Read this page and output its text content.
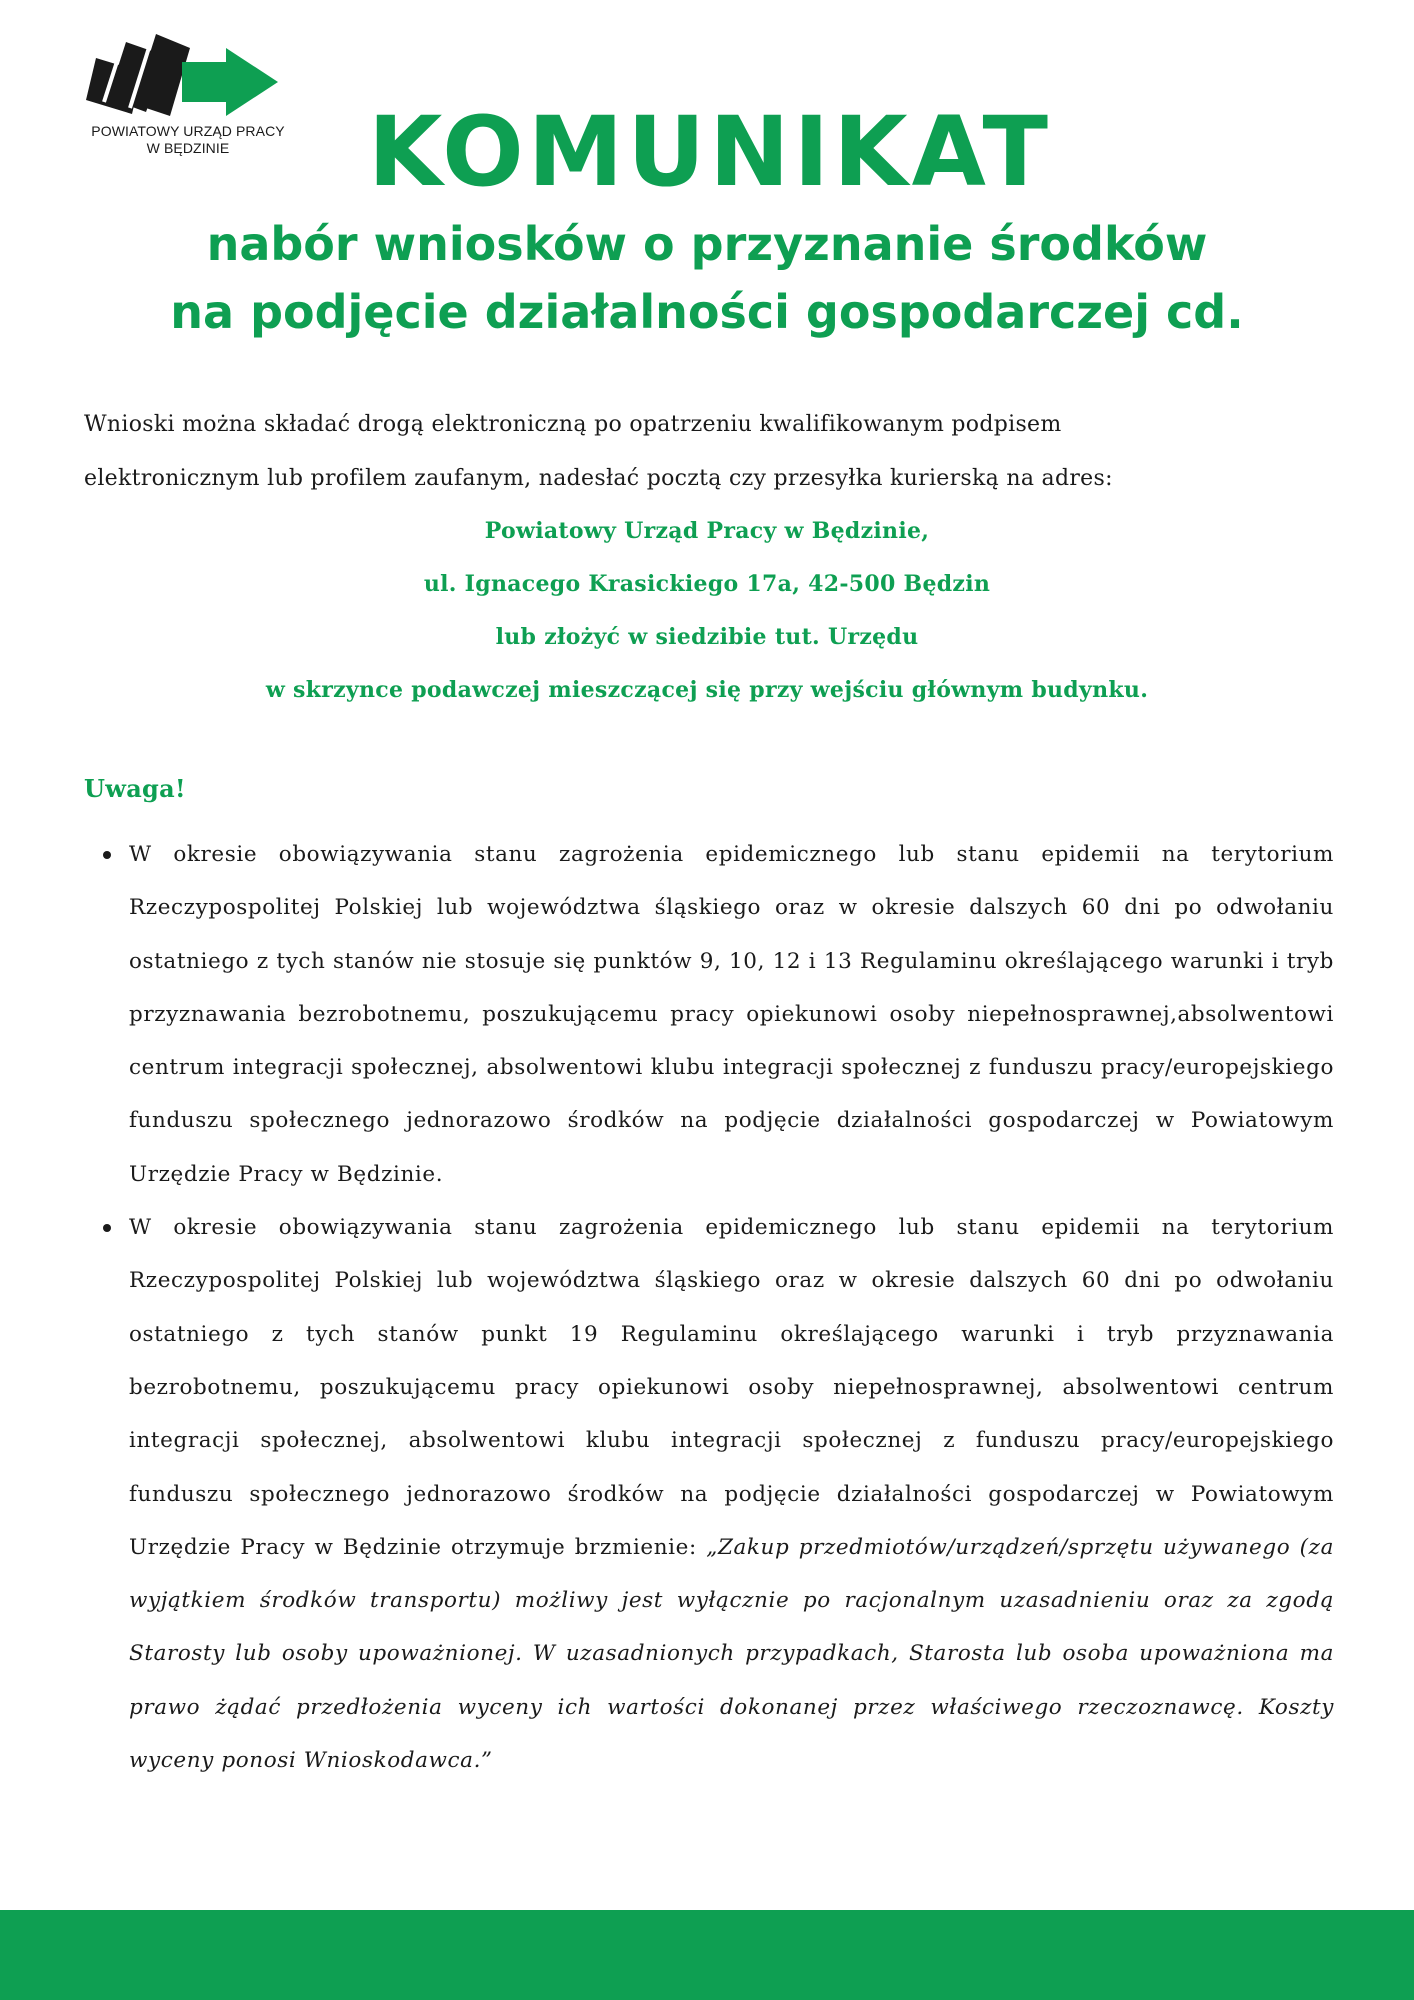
POWIATOWY URZĄD PRACY
W BĘDZINIE	KOMUNIKAT
nabór wniosków o przyznanie środków
na podjęcie działalności gospodarczej cd.
Wnioski można składać drogą elektroniczną po opatrzeniu kwalifikowanym podpisem
elektronicznym lub profilem zaufanym, nadesłać pocztą czy przesyłka kurierską na adres:
Powiatowy Urząd Pracy w Będzinie,
ul. Ignacego Krasickiego 17a, 42-500 Będzin
lub złożyć w siedzibie tut. Urzędu
w skrzynce podawczej mieszczącej się przy wejściu głównym budynku.
Uwaga!
W okresie obowiązywania stanu zagrożenia epidemicznego lub stanu epidemii na terytorium Rzeczypospolitej Polskiej lub województwa śląskiego oraz w okresie dalszych 60 dni po odwołaniu ostatniego z tych stanów nie stosuje się punktów 9, 10, 12 i 13 Regulaminu określającego warunki i tryb przyznawania bezrobotnemu, poszukującemu pracy opiekunowi osoby niepełnosprawnej,absolwentowi centrum integracji społecznej, absolwentowi klubu integracji społecznej z funduszu pracy/europejskiego funduszu społecznego jednorazowo środków na podjęcie działalności gospodarczej w Powiatowym Urzędzie Pracy w Będzinie.
W okresie obowiązywania stanu zagrożenia epidemicznego lub stanu epidemii na terytorium Rzeczypospolitej Polskiej lub województwa śląskiego oraz w okresie dalszych 60 dni po odwołaniu ostatniego z tych stanów punkt 19 Regulaminu określającego warunki i tryb przyznawania bezrobotnemu, poszukującemu pracy opiekunowi osoby niepełnosprawnej, absolwentowi centrum integracji społecznej, absolwentowi klubu integracji społecznej z funduszu pracy/europejskiego funduszu społecznego jednorazowo środków na podjęcie działalności gospodarczej w Powiatowym Urzędzie Pracy w Będzinie otrzymuje brzmienie: „Zakup przedmiotów/urządzeń/sprzętu używanego (za wyjątkiem środków transportu) możliwy jest wyłącznie po racjonalnym uzasadnieniu oraz za zgodą Starosty lub osoby upoważnionej. W uzasadnionych przypadkach, Starosta lub osoba upoważniona ma prawo żądać przedłożenia wyceny ich wartości dokonanej przez właściwego rzeczoznawcę. Koszty wyceny ponosi Wnioskodawca.”
